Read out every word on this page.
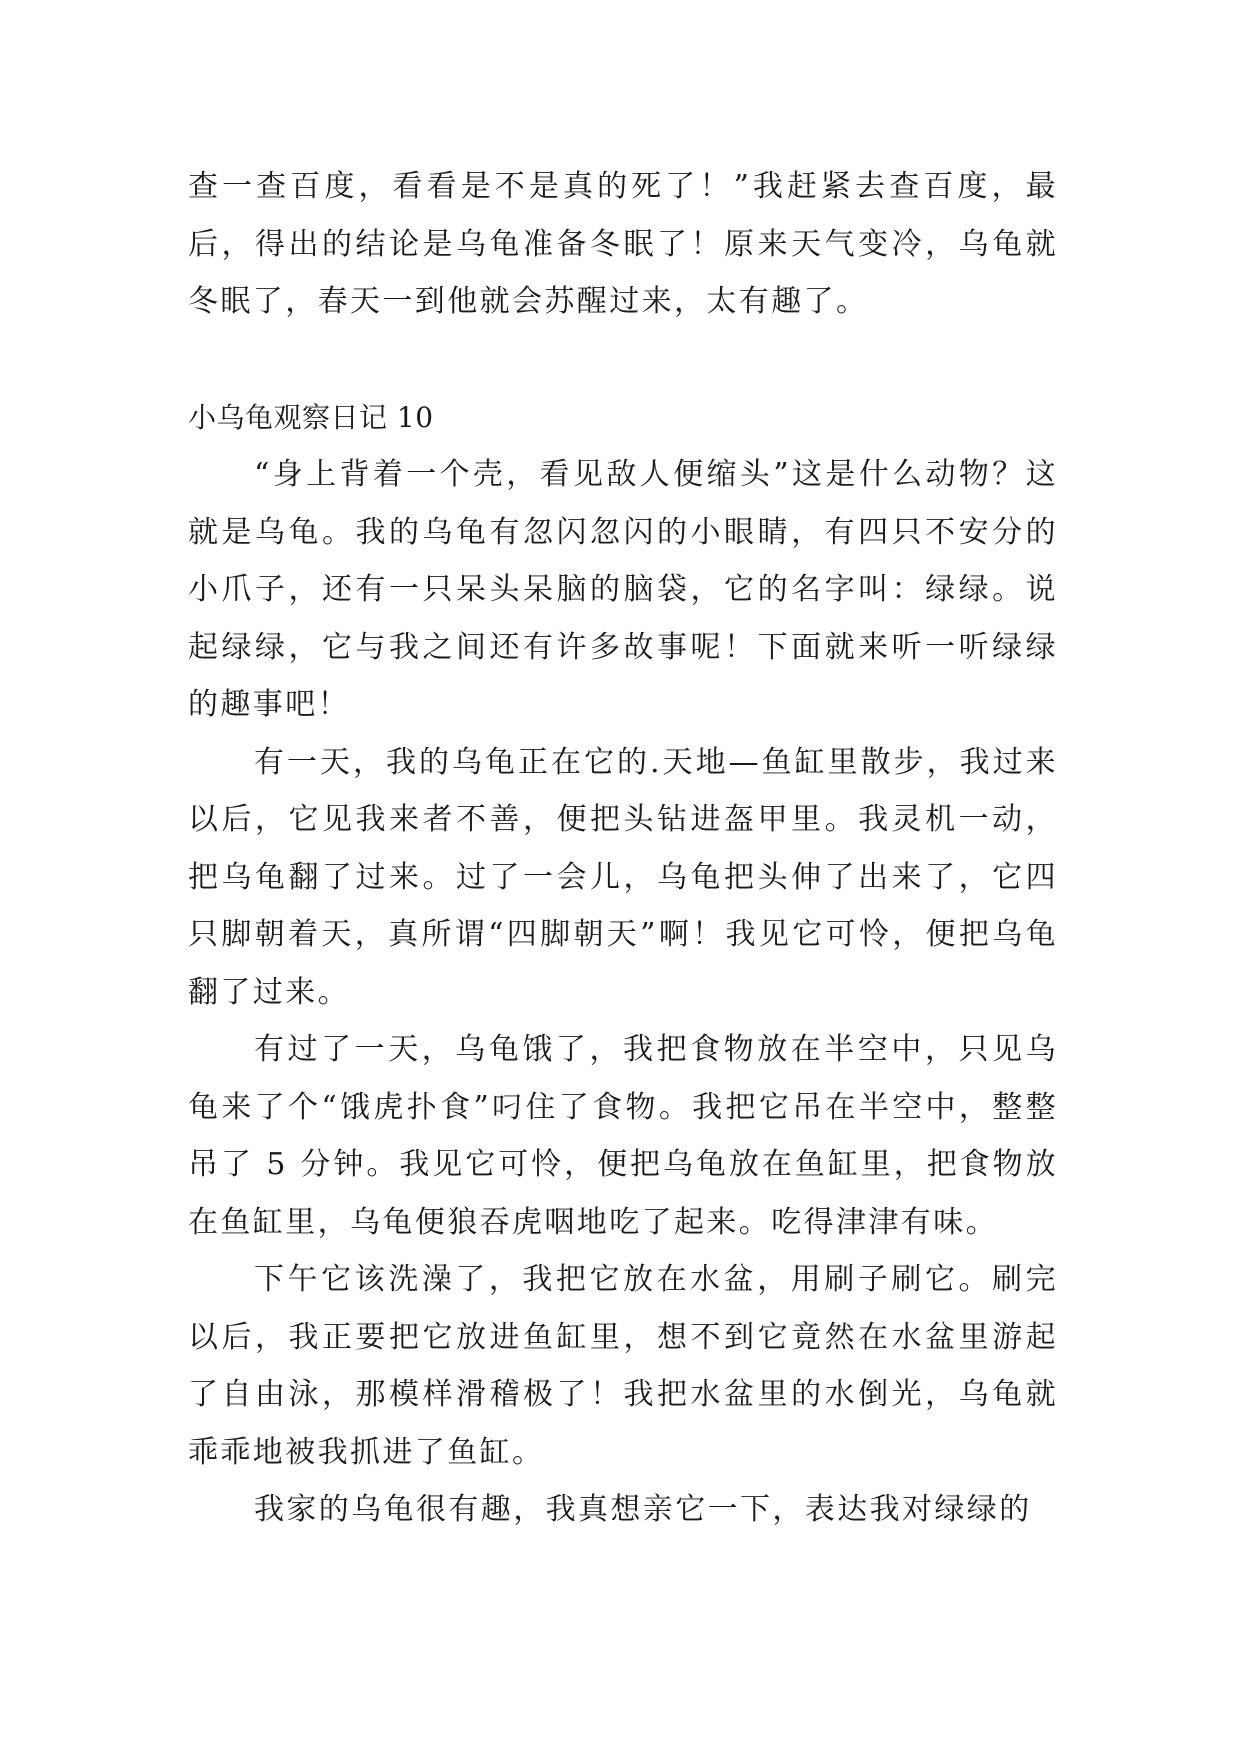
查一查百度，看看是不是真的死了！”我赶紧去查百度，最后，得出的结论是乌龟准备冬眠了！原来天气变冷，乌龟就冬眠了，春天一到他就会苏醒过来，太有趣了。

小乌龟观察日记 10

“身上背着一个壳，看见敌人便缩头”这是什么动物？这就是乌龟。我的乌龟有忽闪忽闪的小眼睛，有四只不安分的小爪子，还有一只呆头呆脑的脑袋，它的名字叫：绿绿。说起绿绿，它与我之间还有许多故事呢！下面就来听一听绿绿的趣事吧！

有一天，我的乌龟正在它的.天地—鱼缸里散步，我过来以后，它见我来者不善，便把头钻进盔甲里。我灵机一动，把乌龟翻了过来。过了一会儿，乌龟把头伸了出来了，它四只脚朝着天，真所谓“四脚朝天”啊！我见它可怜，便把乌龟翻了过来。

有过了一天，乌龟饿了，我把食物放在半空中，只见乌龟来了个“饿虎扑食”叼住了食物。我把它吊在半空中，整整吊了 5 分钟。我见它可怜，便把乌龟放在鱼缸里，把食物放在鱼缸里，乌龟便狼吞虎咽地吃了起来。吃得津津有味。

下午它该洗澡了，我把它放在水盆，用刷子刷它。刷完以后，我正要把它放进鱼缸里，想不到它竟然在水盆里游起了自由泳，那模样滑稽极了！我把水盆里的水倒光，乌龟就乖乖地被我抓进了鱼缸。

我家的乌龟很有趣，我真想亲它一下，表达我对绿绿的
